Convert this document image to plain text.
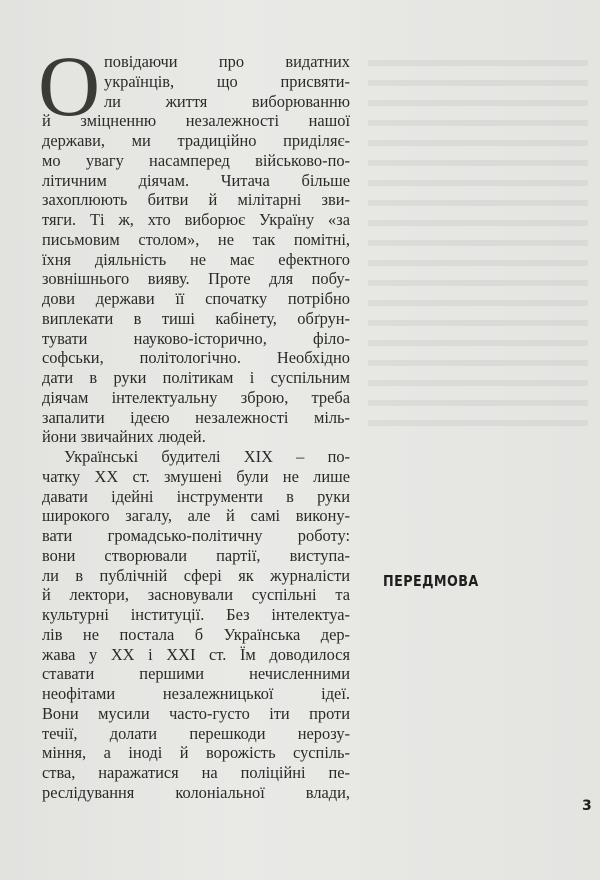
О повідаючи про видатних
українців, що присвяти-
ли життя виборюванню
й зміцненню незалежності нашої
держави, ми традиційно приділяє-
мо увагу насамперед військово-по-
літичним діячам. Читача більше
захоплюють битви й мілітарні зви-
тяги. Ті ж, хто виборює Україну «за
письмовим столом», не так помітні,
їхня діяльність не має ефектного
зовнішнього вияву. Проте для побу-
дови держави її спочатку потрібно
виплекати в тиші кабінету, обґрун-
тувати науково-історично, філо-
софськи, політологічно. Необхідно
дати в руки політикам і суспільним
діячам інтелектуальну зброю, треба
запалити ідеєю незалежності міль-
йони звичайних людей.
Українські будителі XIX – по-
чатку XX ст. змушені були не лише
давати ідейні інструменти в руки
широкого загалу, але й самі викону-
вати громадсько-політичну роботу:
вони створювали партії, виступа-
ли в публічній сфері як журналісти
й лектори, засновували суспільні та
культурні інституції. Без інтелектуа-
лів не постала б Українська дер-
жава у XX і XXI ст. Їм доводилося
ставати першими нечисленними
неофітами незалежницької ідеї.
Вони мусили часто-густо іти проти
течії, долати перешкоди нерозу-
міння, а іноді й ворожість суспіль-
ства, наражатися на поліційні пе-
реслідування колоніальної влади,
ПЕРЕДМОВА
3
